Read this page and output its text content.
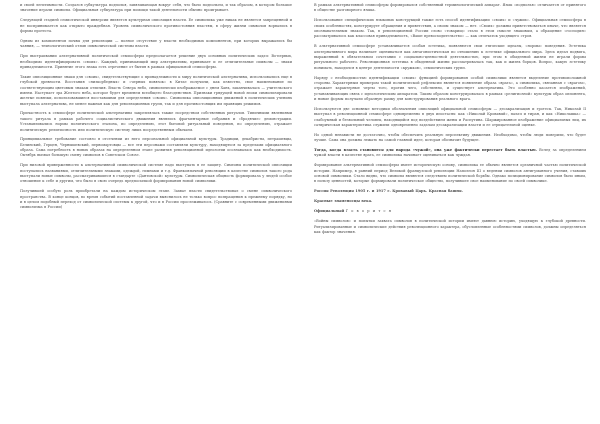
и своей легитимности. Создался субкультура подполья, завязывающая вокруг себя, что было подпольем, и так образом, в котором большое значение играли символы. Официальная субкультура при помощи такой деятельности обычно проигрывает.

Следующей стадией семиотической инверсии является культурная оппозиция власти. Ее символика уже никак не является запрещенной и не воспринимается как открыто враждебная. Уровень символического противостояния властям, в сферу жизни символов ворвались в формы протеста.

Одним из компонентов почвы для революции — полное отсутствие у власти необходимых компонентов, при которых выражались бы чаяния, — технологический отзыв символической системы власти.

При выстраивании альтернативной политической семиосферы предполагается решение двух основных политических задач: Во-первых, необходимо идентифицировать «своих». Каждый, принимающий мир альтернативы, принимает и ее отличительные символы — знаки принадлежности. Принятие этого знака есть отречение от бытия в рамках официальной семиосферы.

Такие оппозиционные знаки для «своих», свидетельствующие о принадлежности к миру политической альтернативы, использовались еще в глубокой древности. Восстания «низкорбедных» и «черных повязок» в Китае получили, как известно, свое наименование по соответствующим цветовым знакам отличия. Власть Севера небо, символически изображаемое с днем Хань, заканчивалась — учительского имени. Наступает эра Желтого неба, которое будет временем всеобщего благоденствия. Признаки грядущей новой эпохи символизировали желтые повязки, использовавшиеся восставшими для определения «своих». Символика оппозиционных движений в политических учениях выступала альтернатива, не менее важная как для революционных групп, так и для противостоящих им правящих режимов.

Причастность к семиосфере политической альтернативы закреплялась также посредством собственных ритуалов. Типичными явлениями такого ритуала в рамках рабочего социалистического движения являлись фрагментарные собрания и «бродячие» демонстрации. Устанавливались нормы политического эталона, по определению, этот бытовой ритуальный поведения, по определению, отражает политическую религиозность или политическую систему лишь посредственным обычаем.

Принципиальное требование состояло в отсечении из него персональной официальной культуры. Традиции, декабристы, петрашевцы, Белинский, Герцен, Чернышевский, первомартовцы — все эти персонажи составляли культуру, находящуюся за пределами официального образа. Сама потребность в новых образах на определенном этапе развития революционной идеологии осознавалась как необходимость. Октябрь вызвал большую смену символов в Советском Союзе.

При низовой приверженности к альтернативной символической системе надо выступать в ее защиту. Симеоны политической оппозиции поступались названиями, отличительными знаками, одеждой, гимнами и т.д. Франкоязычной революции в качестве символов такого рода выступали новые символы, рассматривавшиеся в стандарте «Дантовской» культуры. Символическая общность формировала у людей особое отношение к себе и другим, что было в свою очередь предпосылкой формирования новой символики.

Получившей особую роль приобретали на каждом историческом этапе. Захват власти свидетельствовал о смене символического пространства. В конце концов, во время событий поставленной задачи выяснилось не только вопрос возвращения к прежнему порядку, но и в целом подобный переход от символической системы к другой, что и в России прослеживалось. (Сравните с современными движениями символизма в России)

В рамках альтернативной семиосферы формировался собственный терминологический аппарат. Язык «подполья» отличается от принятого в обществе разговорного языка.

Использование специфических языковых конструкций также есть способ идентификации «своих» и «чужих». Официальная семиосфера в своих особенностях, конструирует обращения и приветствия, а своим знаком — нет. «Своих» должны приветствоваться иначе, что является опознавательным знаком. Так, в революционной России слово «товарищ» стало в этом смысле знаковым, а обращение «господин» рассматривалось как классовая принадлежность, «Ваше превосходительство» — как отпечаток уходящего строя.

В альтернативной семиосфере устанавливается особая эстетика, появляются свои этические идеалы, «нормы» поведения. Эстетика альтернативного мира начинает оцениваться как антагонистическая по отношению к эстетике официального мира. Здесь идеал подвига, выраженный в обязательном сочетании с социально-ценностной деятельностью, при этом в обыденной жизни не играли формы ритуального рабочего. Революционная эстетика в обыденной жизни рассматривалась так, как и жизнь борцов. Вопрос, какую эстетику понимать, находился в центре деятельности «кружков», семиотических групп.

Наряду с необходимостью идентификации «своих» функцией формирования особой символики является выделение противоположной стороны. Характерным примером такой политической рефлексии является появление образа «врага», а символика, связанная с «врагом», отражает характерные черты того, против чего, собственно, и существует альтернатива. Это особенно касается изображений, устанавливающих связь с идеологическим аппаратом. Таким образом конструировалась в рамках «религиозной» культуры образ оппонента, и новые формы получали образную рамку для конструирования реального врага.

Используются две основные методики обозначения оппозиций официальной семиосферы — десакрализация и гротеск. Так, Николай II выступал в революционной семиосфере одновременно в двух ипостасях: как «Николай Кровавый», палач и тиран, и как «Николашка» — слабоумный и безвольный человек, находящийся под воздействием жены и Распутина. Шаржированное изображение официальных лиц, их сатирическая характеристика служили одновременно задачам десакрализации власти и ее отрицательной оценке.

Но одной ненависти не достаточно, чтобы обеспечить реальную перспективу движения. Необходимо, чтобы люди поверили, что будет лучше. Сама она должна лежать на самой главной идее, которая обозначит будущее.

Тогда, когда власть становится для народа «чужой», она уже фактически перестает быть властью. Вслед за определением чужой власти в качестве врага, ее символика начинает оцениваться как чуждая.

Формирование альтернативной семиосферы имеет историческую основу, символика ее обычно является органичной частью политической истории. Например, в ранний период Великой французской революции Наполеон III о ведении символов антигуманного учения, ставших основой символики. Стало видно, что символы являются следствием политической борьбы. Однако позиционирование символов было иным, в пользу ценностей, которые формировали политическое общество, получившее свое наименование по своей символике.

Россия Революция 1905 г. и 1917 г. Кровавый Царь. Красная башня.

Красные знаменосцы века.

Официальный Г о в о р и т с я

«Войны символов» и попытки захвата символов в политической истории имеют давнюю историю, уходящую к глубокой древности. Ритуализированные и символические действия революционного характера, обусловленные особенностями символов, должны определяться как фактор значения.
